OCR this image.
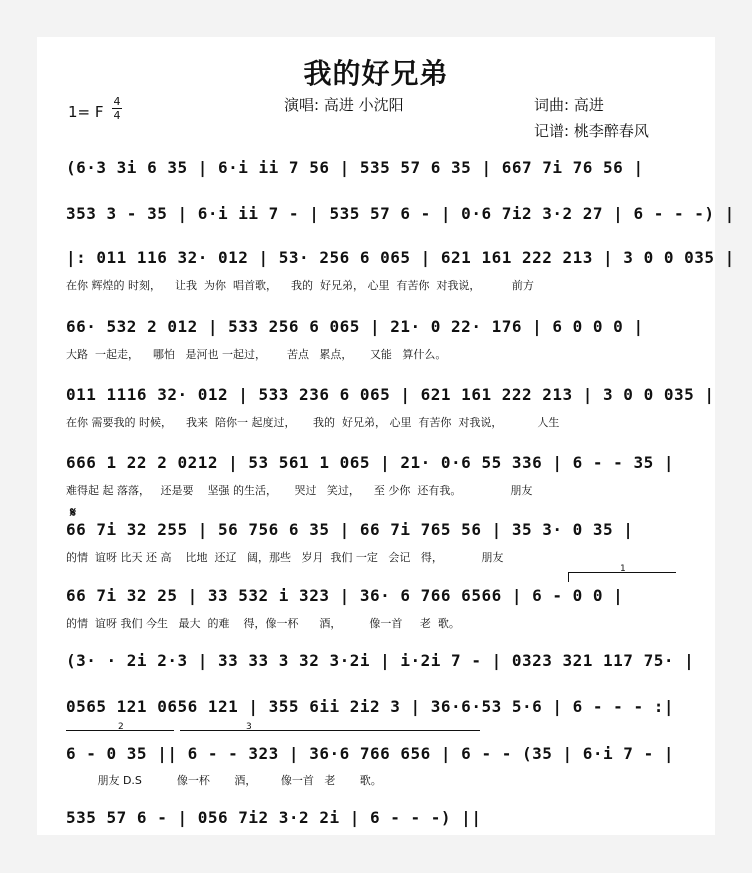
我的好兄弟
演唱: 高进 小沈阳	词曲: 高进
记谱: 桃李醉春风
1= F
4
4
(6·3 3i 6 35 | 6·i ii 7 56 | 535 57 6 35 | 667 7i 76 56 |
353 3 - 35 | 6·i ii 7 - | 535 57 6 - | 0·6 7i2 3·2 27 | 6 - - -) |
|: 011 116 32· 012 | 53· 256 6 065 | 621 161 222 213 | 3 0 0 035 |
在你 辉煌的 时刻，    让我  为你  唱首歌，    我的  好兄弟， 心里  有苦你  对我说，         前方
66· 532 2 012 | 533 256 6 065 | 21· 0 22· 176 | 6 0 0 0 |
大路  一起走，    哪怕   是河也 一起过，      苦点   累点，     又能   算什么。
011 1116 32· 012 | 533 236 6 065 | 621 161 222 213 | 3 0 0 035 |
在你 需要我的 时候，    我来  陪你一 起度过，     我的  好兄弟， 心里  有苦你  对我说，          人生
666 1 22 2 0212 | 53 561 1 065 | 21· 0·6 55 336 | 6 - - 35 |
难得起 起 落落，   还是要    坚强 的生活，     哭过   笑过，    至 少你  还有我。              朋友
𝄋
66 7i 32 255 | 56 756 6 35 | 66 7i 765 56 | 35 3· 0 35 |
的情  谊呀 比天 还 高    比地  还辽   阔，那些   岁月  我们 一定   会记   得，           朋友
1
66 7i 32 25 | 33 532 i 323 | 36· 6 766 6566 | 6 - 0 0 |
的情  谊呀 我们 今生   最大  的难    得，像一杯      酒，        像一首     老  歌。
(3· · 2i 2·3 | 33 33 3 32 3·2i | i·2i 7 - | 0323 321 117 75· |
0565 121 0656 121 | 355 6ii 2i2 3 | 36·6·53 5·6 | 6 - - - :|
2	3
6 - 0 35 || 6 - - 323 | 36·6 766 656 | 6 - - (35 | 6·i 7 - |
朋友 D.S          像一杯       酒，       像一首   老       歌。
535 57 6 - | 056 7i2 3·2 2i | 6 - - -) ||
